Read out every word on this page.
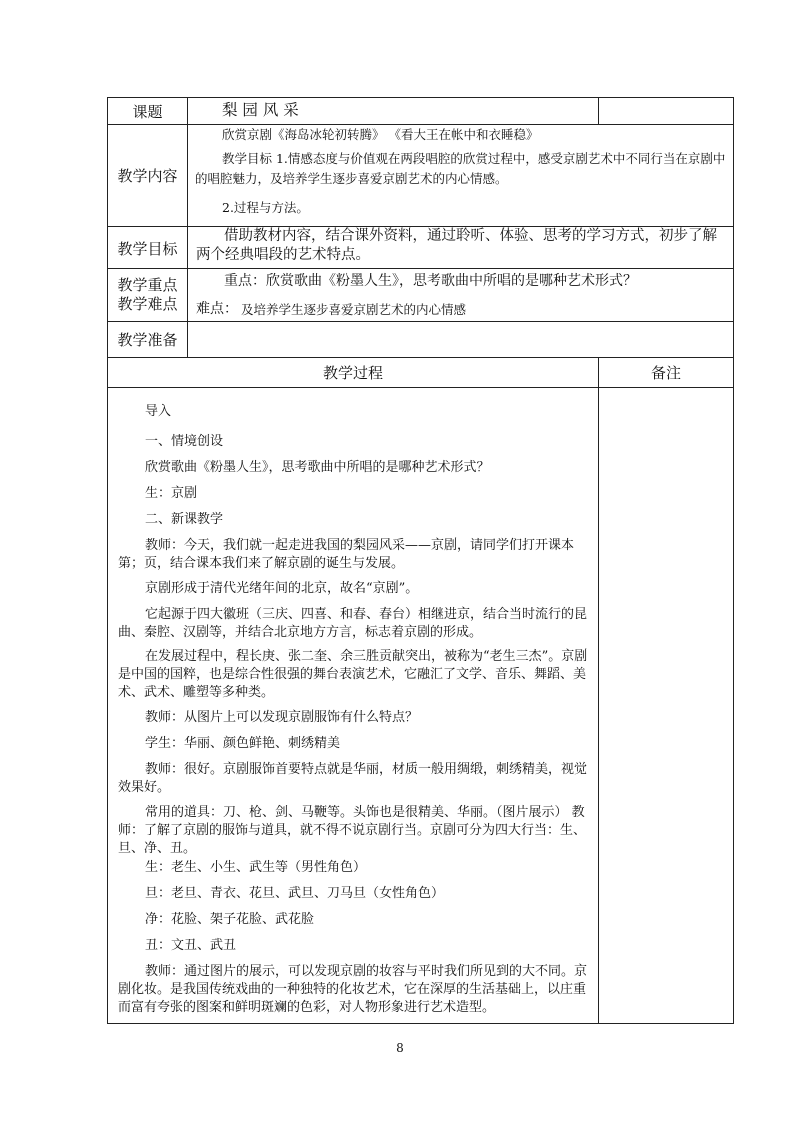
课题	梨 园 风 采
教学内容
欣赏京剧《海岛冰轮初转腾》 《看大王在帐中和衣睡稳》
教学目标 1.情感态度与价值观在两段唱腔的欣赏过程中，感受京剧艺术中不同行当在京剧中的唱腔魅力，及培养学生逐步喜爱京剧艺术的内心情感。
2.过程与方法。
教学目标
借助教材内容，结合课外资料，通过聆听、体验、思考的学习方式，初步了解两个经典唱段的艺术特点。
教学重点
教学难点
重点：欣赏歌曲《粉墨人生》，思考歌曲中所唱的是哪种艺术形式？
难点： 及培养学生逐步喜爱京剧艺术的内心情感
教学准备
教学过程	备注
导入
一、情境创设
欣赏歌曲《粉墨人生》，思考歌曲中所唱的是哪种艺术形式？
生：京剧
二、新课教学
教师：今天，我们就一起走进我国的梨园风采——京剧，请同学们打开课本第；页，结合课本我们来了解京剧的诞生与发展。
京剧形成于清代光绪年间的北京，故名“京剧”。
它起源于四大徽班（三庆、四喜、和春、春台）相继进京，结合当时流行的昆曲、秦腔、汉剧等，并结合北京地方方言，标志着京剧的形成。
在发展过程中，程长庚、张二奎、余三胜贡献突出，被称为“老生三杰”。京剧是中国的国粹，也是综合性很强的舞台表演艺术，它融汇了文学、音乐、舞蹈、美术、武术、雕塑等多种类。
教师：从图片上可以发现京剧服饰有什么特点？
学生：华丽、颜色鲜艳、刺绣精美
教师：很好。京剧服饰首要特点就是华丽，材质一般用绸缎，刺绣精美，视觉效果好。
常用的道具：刀、枪、剑、马鞭等。头饰也是很精美、华丽。（图片展示） 教师：了解了京剧的服饰与道具，就不得不说京剧行当。京剧可分为四大行当：生、旦、净、丑。
生：老生、小生、武生等（男性角色）
旦：老旦、青衣、花旦、武旦、刀马旦（女性角色）
净：花脸、架子花脸、武花脸
丑：文丑、武丑
教师：通过图片的展示，可以发现京剧的妆容与平时我们所见到的大不同。京剧化妆。是我国传统戏曲的一种独特的化妆艺术，它在深厚的生活基础上，以庄重而富有夸张的图案和鲜明斑斓的色彩，对人物形象进行艺术造型。
8
